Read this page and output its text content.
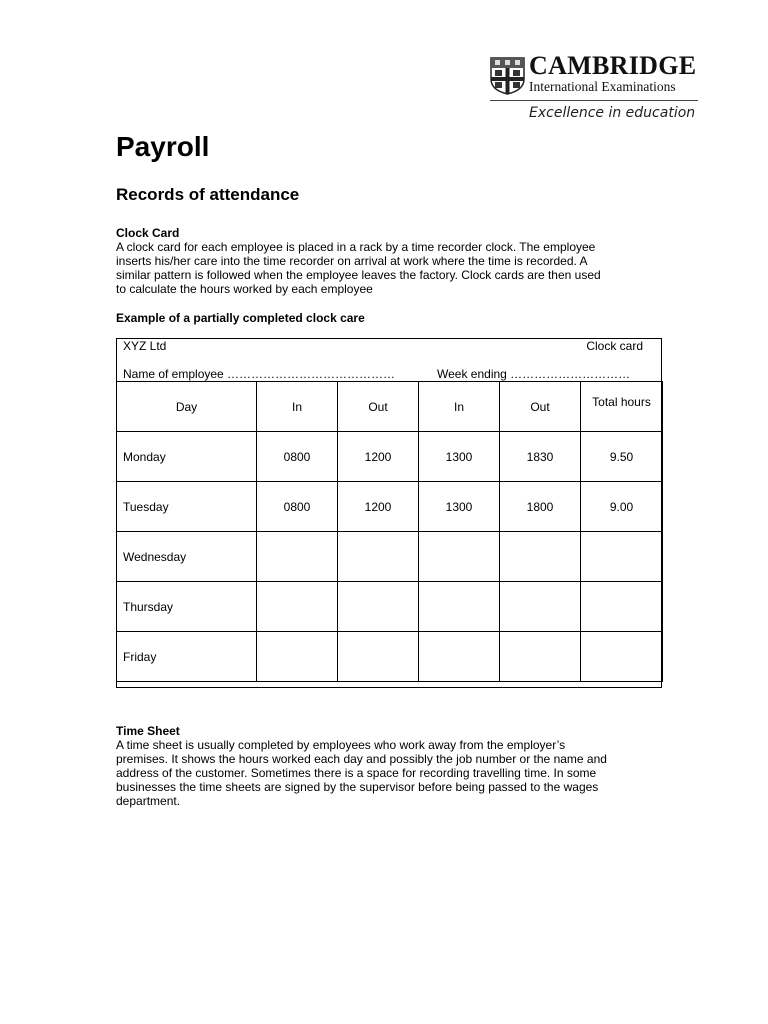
CAMBRIDGE
International Examinations
Excellence in education
Payroll
Records of attendance
Clock Card
A clock card for each employee is placed in a rack by a time recorder clock. The employee
inserts his/her care into the time recorder on arrival at work where the time is recorded. A
similar pattern is followed when the employee leaves the factory. Clock cards are then used
to calculate the hours worked by each employee
Example of a partially completed clock care
XYZ Ltd	Clock card
Name of employee ……………………………………	Week ending …………………………
Day	In	Out	In	Out	Total hours
Monday	0800	1200	1300	1830	9.50
Tuesday	0800	1200	1300	1800	9.00
Wednesday					
Thursday					
Friday					
Time Sheet
A time sheet is usually completed by employees who work away from the employer’s
premises. It shows the hours worked each day and possibly the job number or the name and
address of the customer. Sometimes there is a space for recording travelling time. In some
businesses the time sheets are signed by the supervisor before being passed to the wages
department.
